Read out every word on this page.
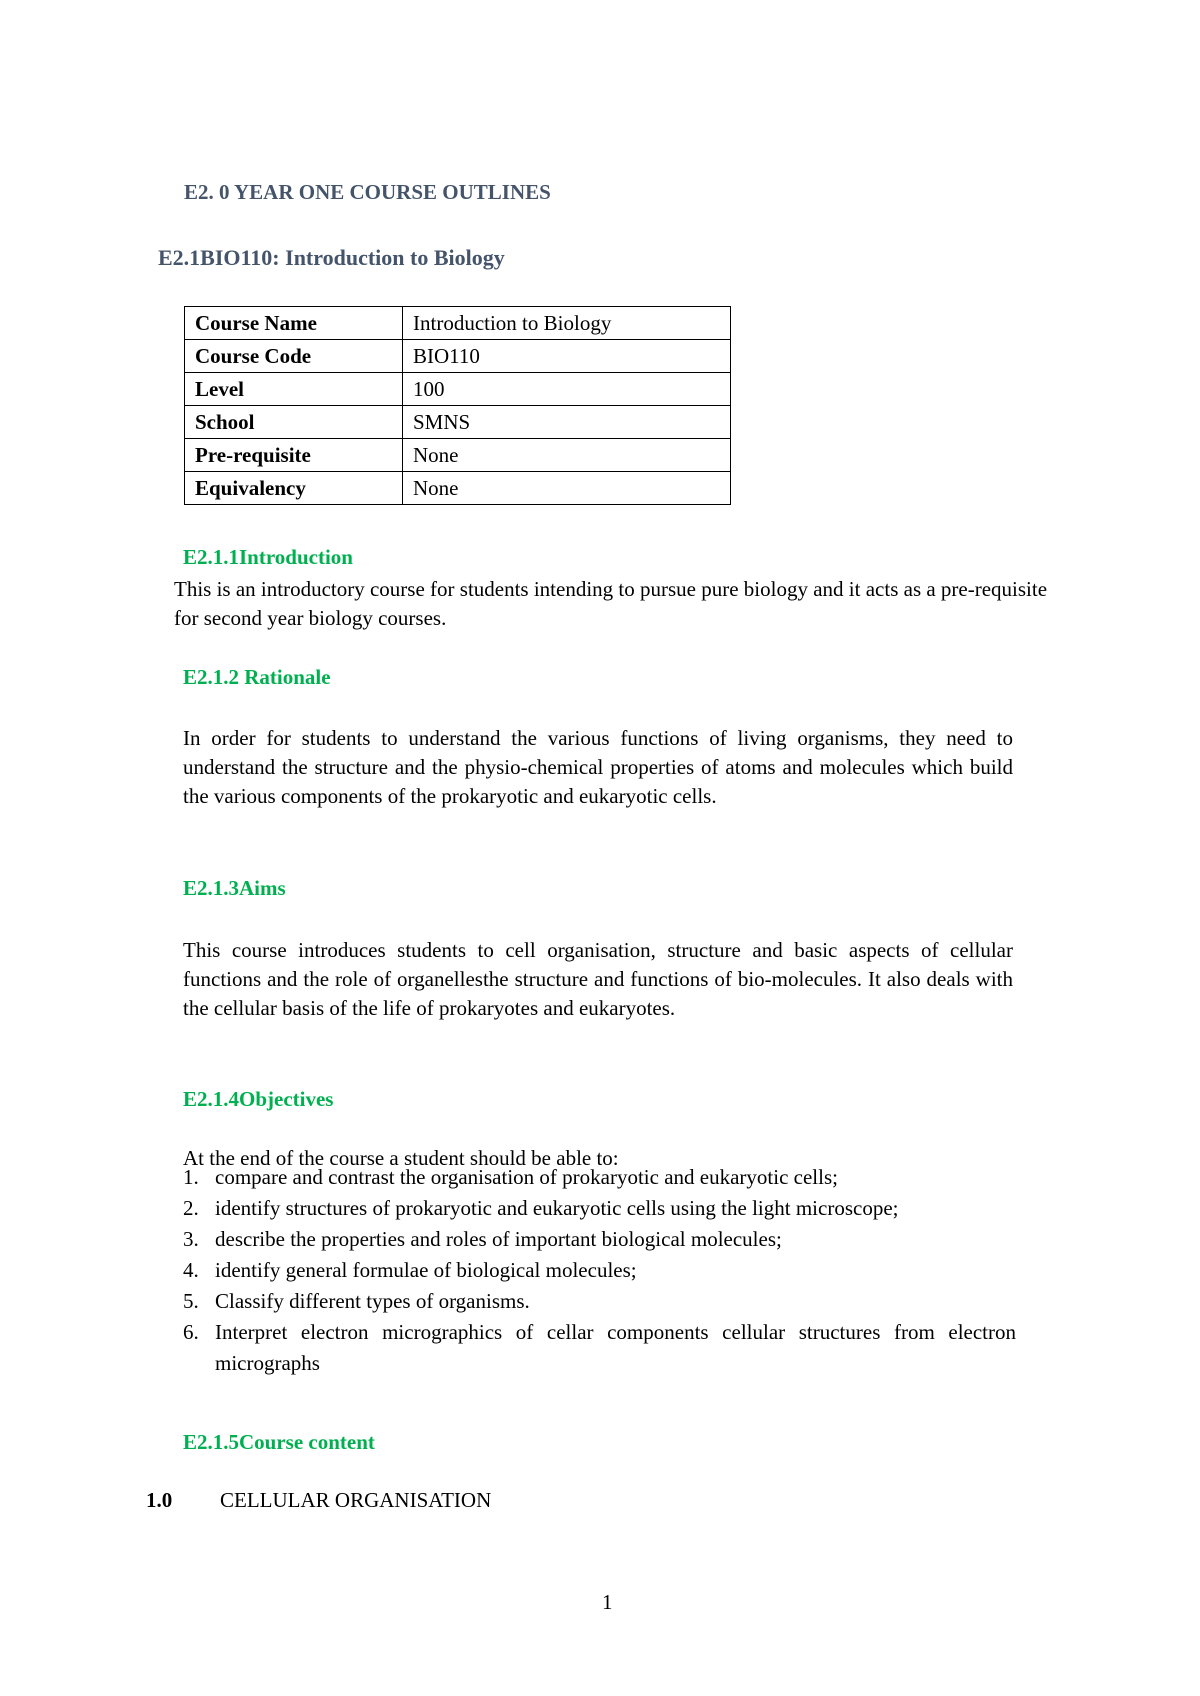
E2. 0 YEAR ONE COURSE OUTLINES
E2.1BIO110: Introduction to Biology
Course Name	Introduction to Biology
Course Code	BIO110
Level	100
School	SMNS
Pre-requisite	None
Equivalency	None
E2.1.1Introduction
This is an introductory course for students intending to pursue pure biology and it acts as a pre-requisite for second year biology courses.
E2.1.2 Rationale
In order for students to understand the various functions of living organisms, they need to understand the structure and the physio-chemical properties of atoms and molecules which build the various components of the prokaryotic and eukaryotic cells.
E2.1.3Aims
This course introduces students to cell organisation, structure and basic aspects of cellular functions and the role of organellesthe structure and functions of bio-molecules. It also deals with the cellular basis of the life of prokaryotes and eukaryotes.
E2.1.4Objectives
At the end of the course a student should be able to:
1. compare and contrast the organisation of prokaryotic and eukaryotic cells;
2. identify structures of prokaryotic and eukaryotic cells using the light microscope;
3. describe the properties and roles of important biological molecules;
4. identify general formulae of biological molecules;
5. Classify different types of organisms.
6. Interpret electron micrographics of cellar components cellular structures from electron       micrographs
E2.1.5Course content
1.0 CELLULAR ORGANISATION
1
